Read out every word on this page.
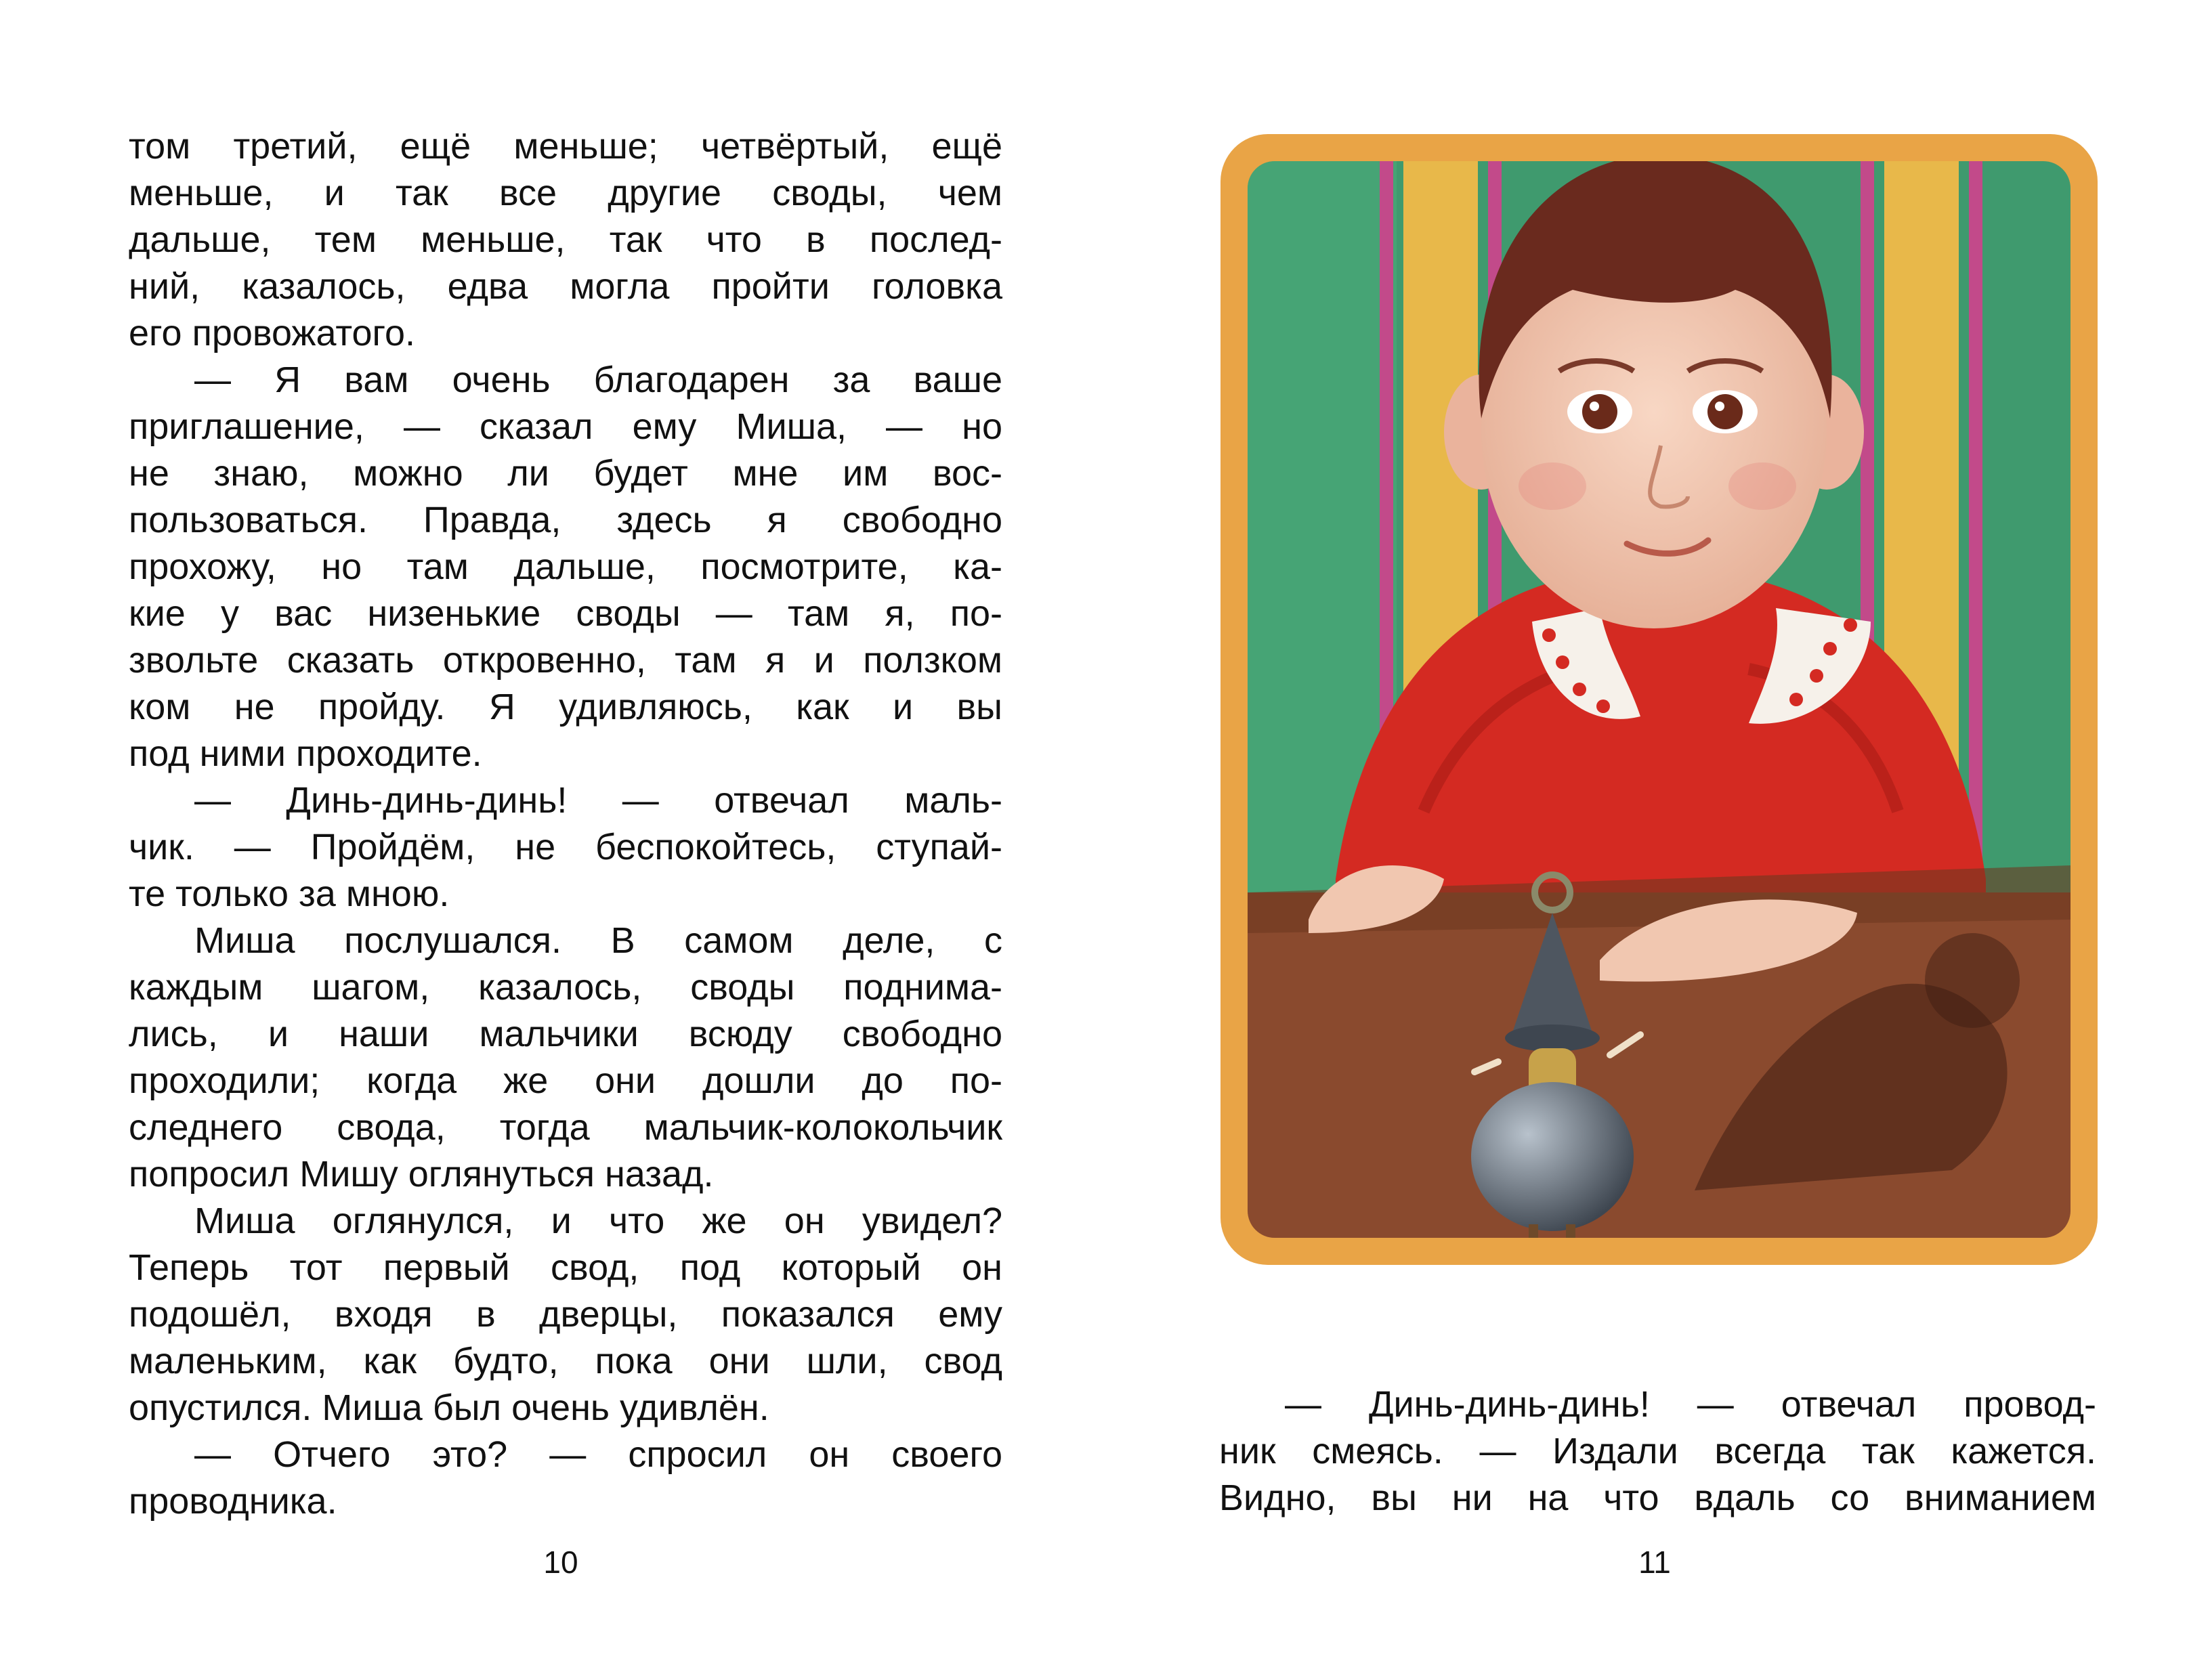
том третий, ещё меньше; четвёртый, ещё
меньше, и так все другие своды, чем
дальше, тем меньше, так что в послед-
ний, казалось, едва могла пройти головка
его провожатого.
— Я вам очень благодарен за ваше
приглашение, — сказал ему Миша, — но
не знаю, можно ли будет мне им вос-
пользоваться. Правда, здесь я свободно
прохожу, но там дальше, посмотрите, ка-
кие у вас низенькие своды — там я, по-
звольте сказать откровенно, там я и ползком
ком не пройду. Я удивляюсь, как и вы
под ними проходите.
— Динь-динь-динь! — отвечал маль-
чик. — Пройдём, не беспокойтесь, ступай-
те только за мною.
Миша послушался. В самом деле, с
каждым шагом, казалось, своды поднима-
лись, и наши мальчики всюду свободно
проходили; когда же они дошли до по-
следнего свода, тогда мальчик-колокольчик
попросил Мишу оглянуться назад.
Миша оглянулся, и что же он увидел?
Теперь тот первый свод, под который он
подошёл, входя в дверцы, показался ему
маленьким, как будто, пока они шли, свод
опустился. Миша был очень удивлён.
— Отчего это? — спросил он своего
проводника.
10
— Динь-динь-динь! — отвечал провод-
ник смеясь. — Издали всегда так кажется.
Видно, вы ни на что вдаль со вниманием
11
